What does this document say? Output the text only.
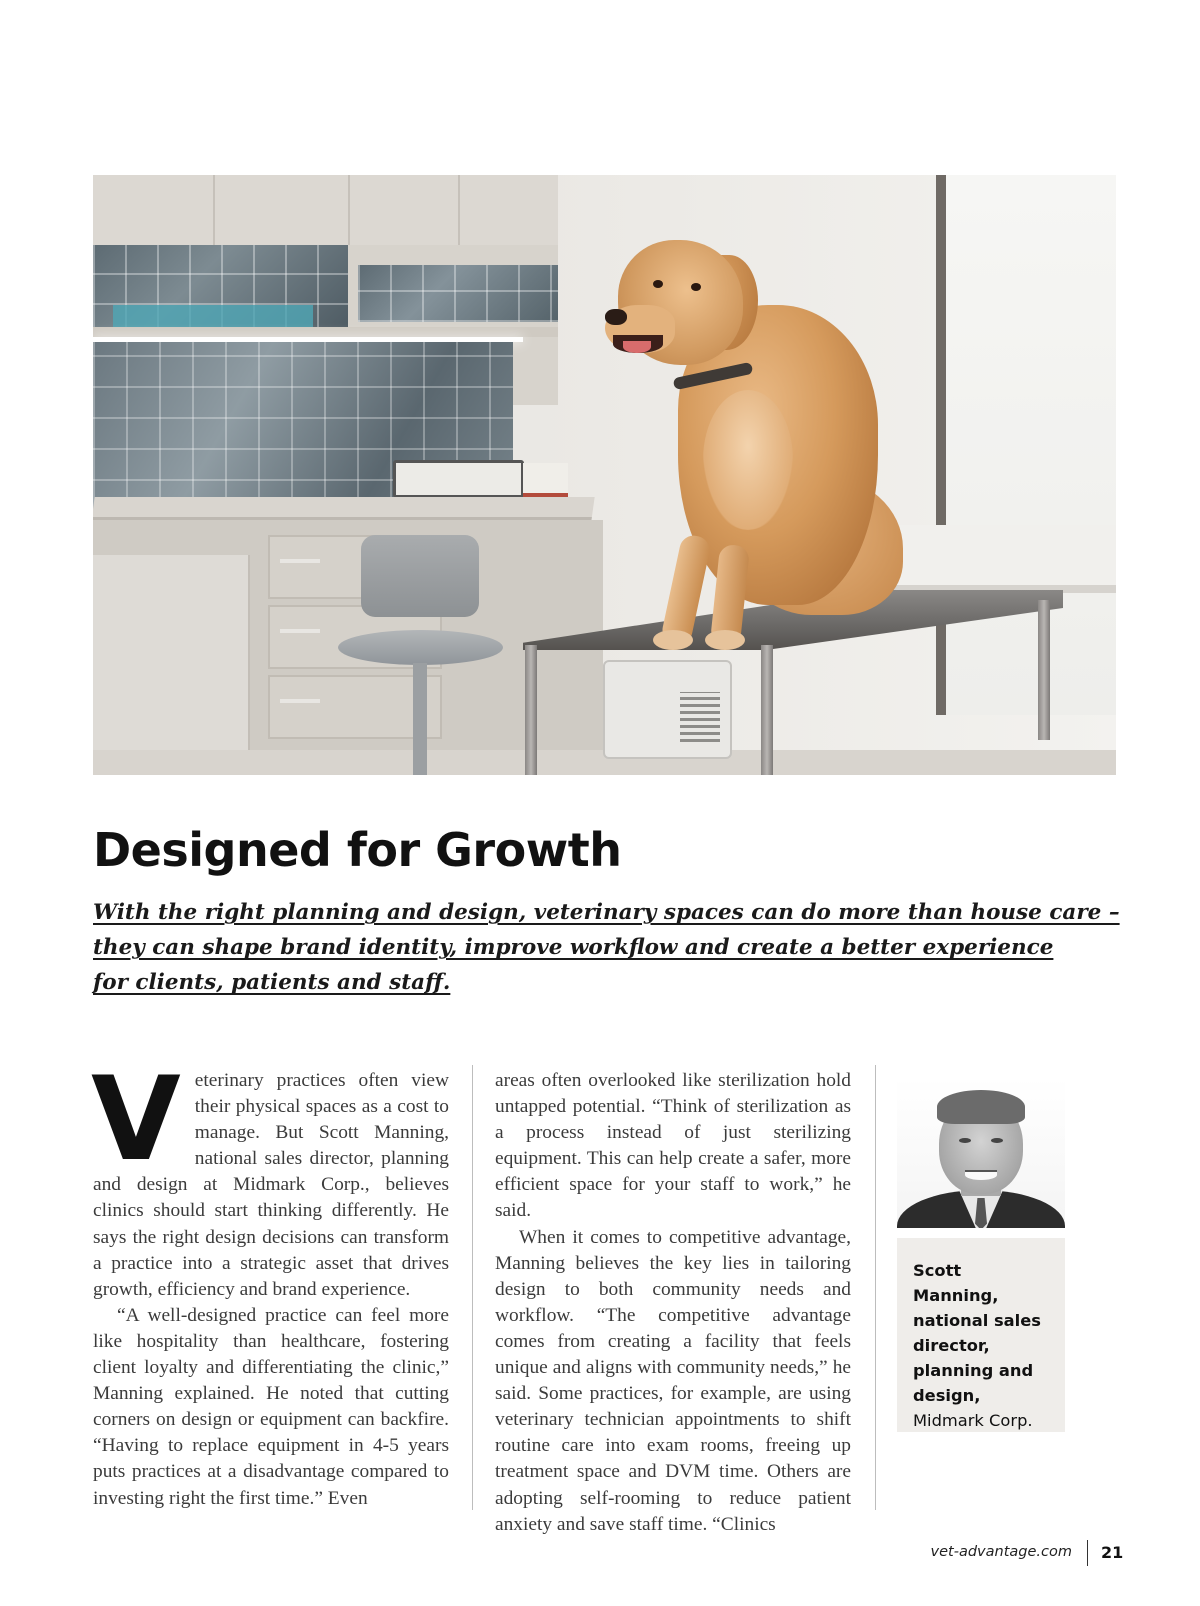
Designed for Growth

With the right planning and design, veterinary spaces can do more than house care –
they can shape brand identity, improve workflow and create a better experience
for clients, patients and staff.

V eterinary practices often view their physical spaces as a cost to manage. But Scott Manning, national sales director, planning and design at Midmark Corp., believes clinics should start thinking differently. He says the right design decisions can transform a practice into a strategic asset that drives growth, efficiency and brand experience.

“A well-designed practice can feel more like hospitality than healthcare, fostering client loyalty and differentiating the clinic,” Manning explained. He noted that cutting corners on design or equipment can backfire. “Having to replace equipment in 4-5 years puts practices at a disadvantage compared to investing right the first time.” Even

areas often overlooked like sterilization hold untapped potential. “Think of sterilization as a process instead of just sterilizing equipment. This can help create a safer, more efficient space for your staff to work,” he said.

When it comes to competitive advantage, Manning believes the key lies in tailoring design to both community needs and workflow. “The competitive advantage comes from creating a facility that feels unique and aligns with community needs,” he said. Some practices, for example, are using veterinary technician appointments to shift routine care into exam rooms, freeing up treatment space and DVM time. Others are adopting self-rooming to reduce patient anxiety and save staff time. “Clinics

Scott Manning,
national sales
director,
planning and
design,
Midmark Corp.
vet-advantage.com 21
